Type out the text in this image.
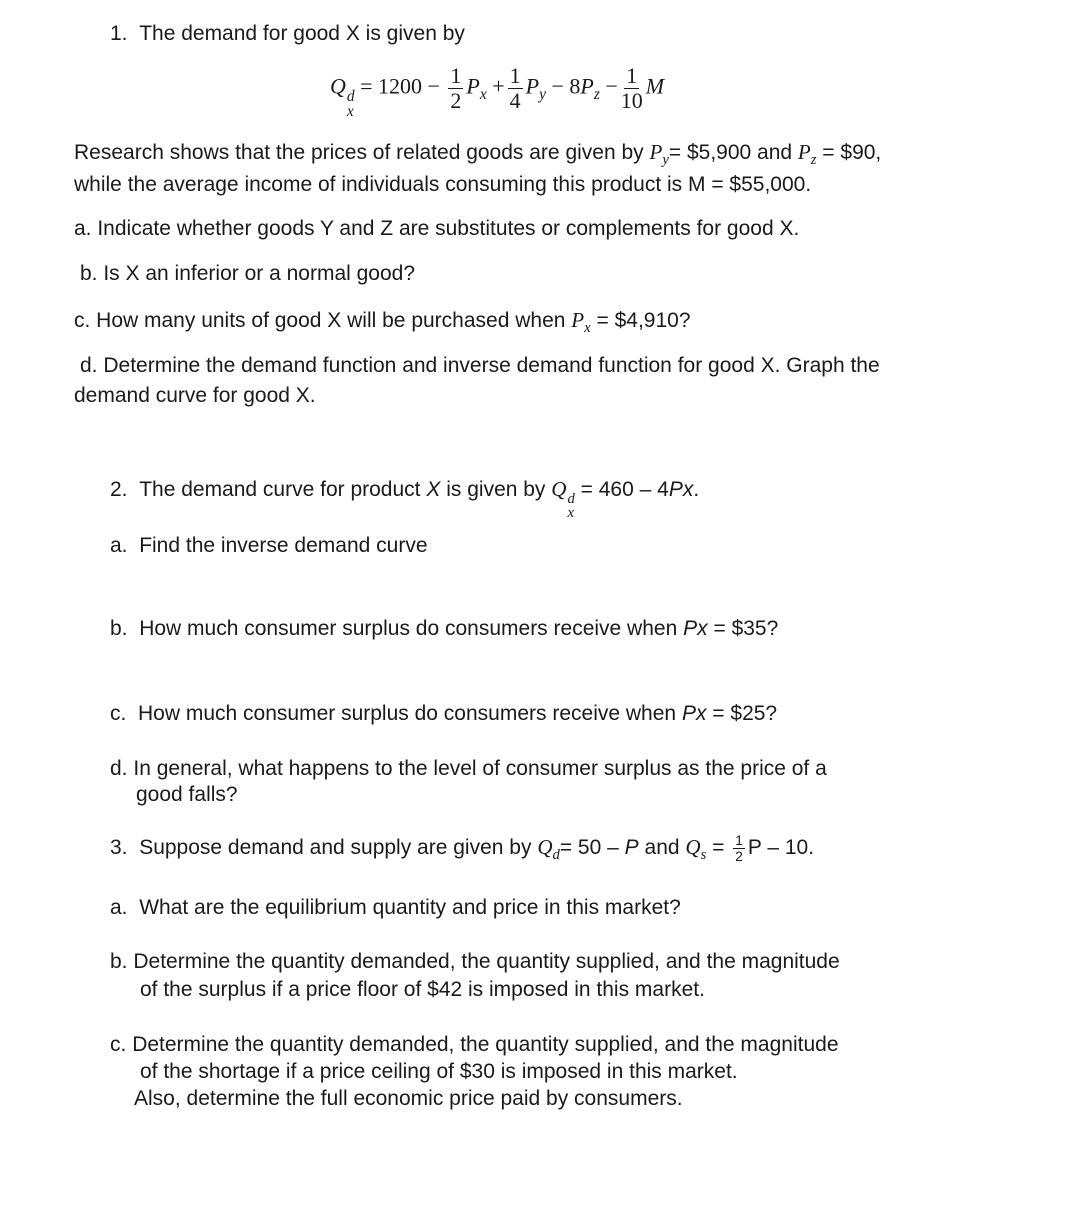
1. The demand for good X is given by
Q d
x
= $1200 - \frac{1}{2} P_x + \frac{1}{4} P_y - 8P_z - \frac{1}{10}$ M
Research shows that the prices of related goods are given by $P_y=$ $5,900 and $P_z$ = $90,
while the average income of individuals consuming this product is M = $55,000.
a. Indicate whether goods Y and Z are substitutes or complements for good X.
b. Is X an inferior or a normal good?
c. How many units of good X will be purchased when $P_x$ = $4,910?
d. Determine the demand function and inverse demand function for good X. Graph the
demand curve for good X.
2. The demand curve for product X is given by Q d
x
= 460 – 4Px.
a. Find the inverse demand curve
b. How much consumer surplus do consumers receive when Px = $35?
c. How much consumer surplus do consumers receive when Px = $25?
d. In general, what happens to the level of consumer surplus as the price of a
good falls?
3. Suppose demand and supply are given by $Q_d= 50 - P$ and $Q_s = \frac{1}{2}$ P – 10.
a. What are the equilibrium quantity and price in this market?
b. Determine the quantity demanded, the quantity supplied, and the magnitude
of the surplus if a price floor of $42 is imposed in this market.
c. Determine the quantity demanded, the quantity supplied, and the magnitude
of the shortage if a price ceiling of $30 is imposed in this market.
Also, determine the full economic price paid by consumers.
